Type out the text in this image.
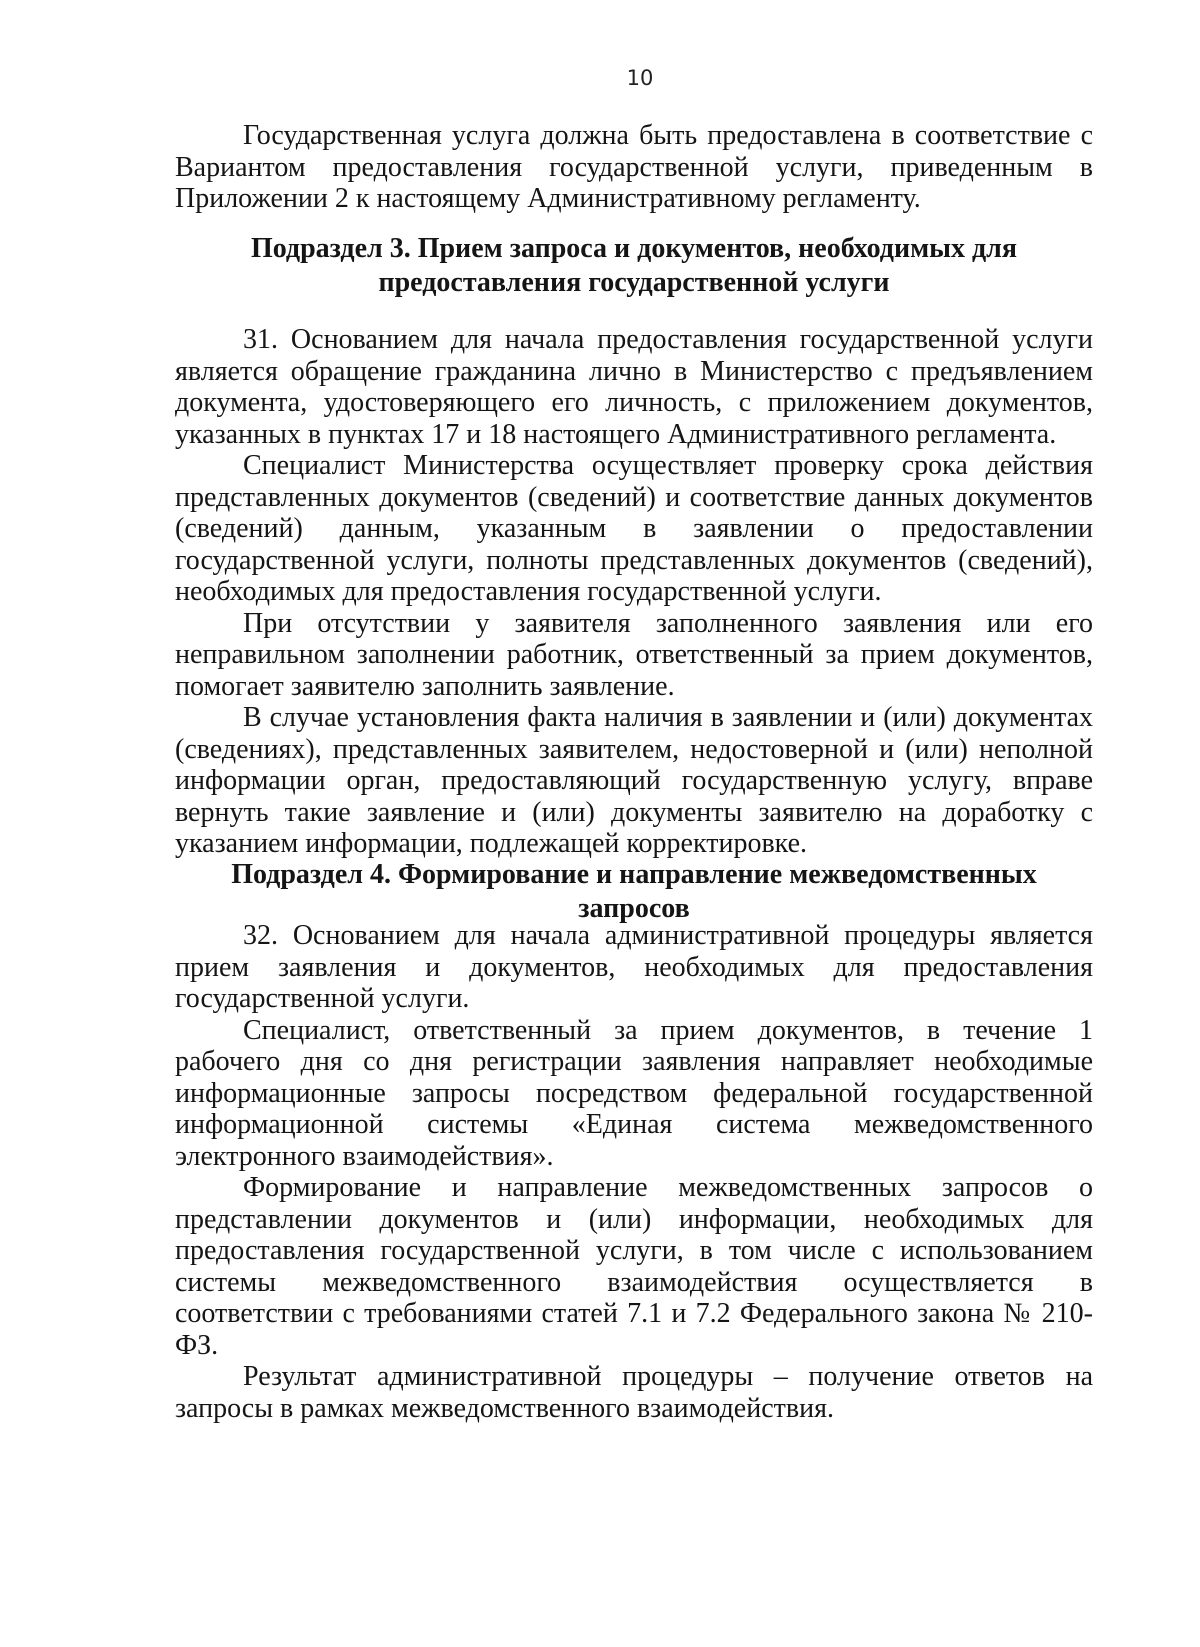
10

Государственная услуга должна быть предоставлена в соответствие с Вариантом предоставления государственной услуги, приведенным в Приложении 2 к настоящему Административному регламенту.

Подраздел 3. Прием запроса и документов, необходимых для

предоставления государственной услуги

31. Основанием для начала предоставления государственной услуги является обращение гражданина лично в Министерство с предъявлением документа, удостоверяющего его личность, с приложением документов, указанных в пунктах 17 и 18 настоящего Административного регламента.

Специалист Министерства осуществляет проверку срока действия представленных документов (сведений) и соответствие данных документов (сведений) данным, указанным в заявлении о предоставлении государственной услуги, полноты представленных документов (сведений), необходимых для предоставления государственной услуги.

При отсутствии у заявителя заполненного заявления или его неправильном заполнении работник, ответственный за прием документов, помогает заявителю заполнить заявление.

В случае установления факта наличия в заявлении и (или) документах (сведениях), представленных заявителем, недостоверной и (или) неполной информации орган, предоставляющий государственную услугу, вправе вернуть такие заявление и (или) документы заявителю на доработку с указанием информации, подлежащей корректировке.

Подраздел 4. Формирование и направление межведомственных запросов

32. Основанием для начала административной процедуры является прием заявления и документов, необходимых для предоставления государственной услуги.

Специалист, ответственный за прием документов, в течение 1 рабочего дня со дня регистрации заявления направляет необходимые информационные запросы посредством федеральной государственной информационной системы «Единая система межведомственного электронного взаимодействия».

Формирование и направление межведомственных запросов о представлении документов и (или) информации, необходимых для предоставления государственной услуги, в том числе с использованием системы межведомственного взаимодействия осуществляется в соответствии с требованиями статей 7.1 и 7.2 Федерального закона № 210-ФЗ.

Результат административной процедуры – получение ответов на запросы в рамках межведомственного взаимодействия.
